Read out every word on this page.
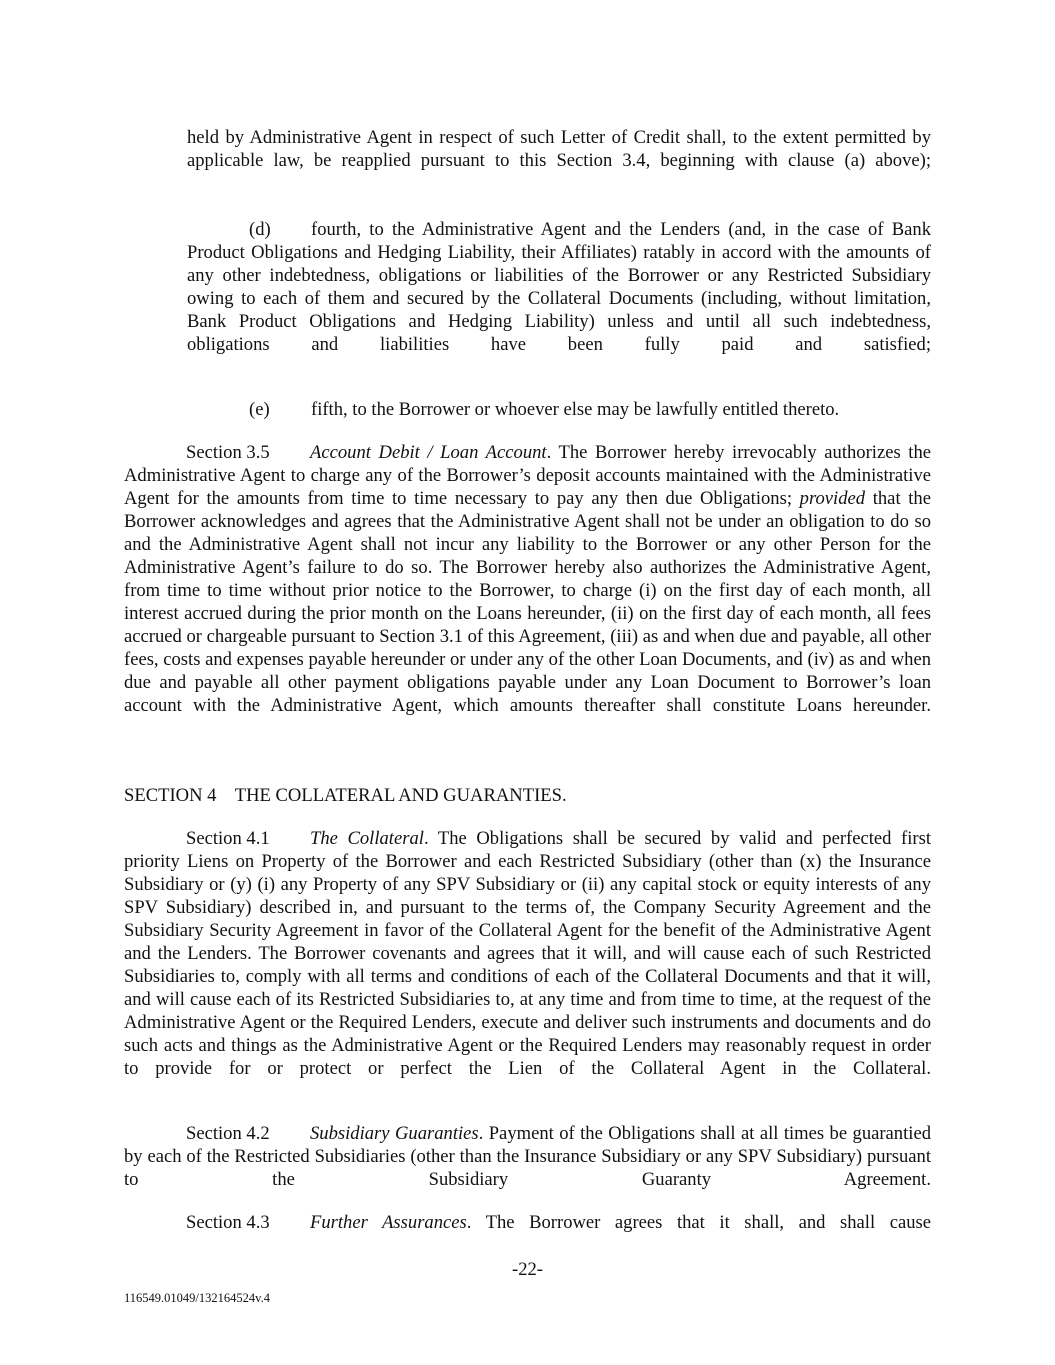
held by Administrative Agent in respect of such Letter of Credit shall, to the extent permitted by applicable law, be reapplied pursuant to this Section 3.4, beginning with clause (a) above);

(d) fourth, to the Administrative Agent and the Lenders (and, in the case of Bank Product Obligations and Hedging Liability, their Affiliates) ratably in accord with the amounts of any other indebtedness, obligations or liabilities of the Borrower or any Restricted Subsidiary owing to each of them and secured by the Collateral Documents (including, without limitation, Bank Product Obligations and Hedging Liability) unless and until all such indebtedness, obligations and liabilities have been fully paid and satisfied;

(e) fifth, to the Borrower or whoever else may be lawfully entitled thereto.

Section 3.5 Account Debit / Loan Account. The Borrower hereby irrevocably authorizes the Administrative Agent to charge any of the Borrower’s deposit accounts maintained with the Administrative Agent for the amounts from time to time necessary to pay any then due Obligations; provided that the Borrower acknowledges and agrees that the Administrative Agent shall not be under an obligation to do so and the Administrative Agent shall not incur any liability to the Borrower or any other Person for the Administrative Agent’s failure to do so. The Borrower hereby also authorizes the Administrative Agent, from time to time without prior notice to the Borrower, to charge (i) on the first day of each month, all interest accrued during the prior month on the Loans hereunder, (ii) on the first day of each month, all fees accrued or chargeable pursuant to Section 3.1 of this Agreement, (iii) as and when due and payable, all other fees, costs and expenses payable hereunder or under any of the other Loan Documents, and (iv) as and when due and payable all other payment obligations payable under any Loan Document to Borrower’s loan account with the Administrative Agent, which amounts thereafter shall constitute Loans hereunder.

SECTION 4    THE COLLATERAL AND GUARANTIES.

Section 4.1 The Collateral. The Obligations shall be secured by valid and perfected first priority Liens on Property of the Borrower and each Restricted Subsidiary (other than (x) the Insurance Subsidiary or (y) (i) any Property of any SPV Subsidiary or (ii) any capital stock or equity interests of any SPV Subsidiary) described in, and pursuant to the terms of, the Company Security Agreement and the Subsidiary Security Agreement in favor of the Collateral Agent for the benefit of the Administrative Agent and the Lenders. The Borrower covenants and agrees that it will, and will cause each of such Restricted Subsidiaries to, comply with all terms and conditions of each of the Collateral Documents and that it will, and will cause each of its Restricted Subsidiaries to, at any time and from time to time, at the request of the Administrative Agent or the Required Lenders, execute and deliver such instruments and documents and do such acts and things as the Administrative Agent or the Required Lenders may reasonably request in order to provide for or protect or perfect the Lien of the Collateral Agent in the Collateral.

Section 4.2 Subsidiary Guaranties. Payment of the Obligations shall at all times be guarantied by each of the Restricted Subsidiaries (other than the Insurance Subsidiary or any SPV Subsidiary) pursuant to the Subsidiary Guaranty Agreement.

Section 4.3 Further Assurances. The Borrower agrees that it shall, and shall cause

-22-
116549.01049/132164524v.4
